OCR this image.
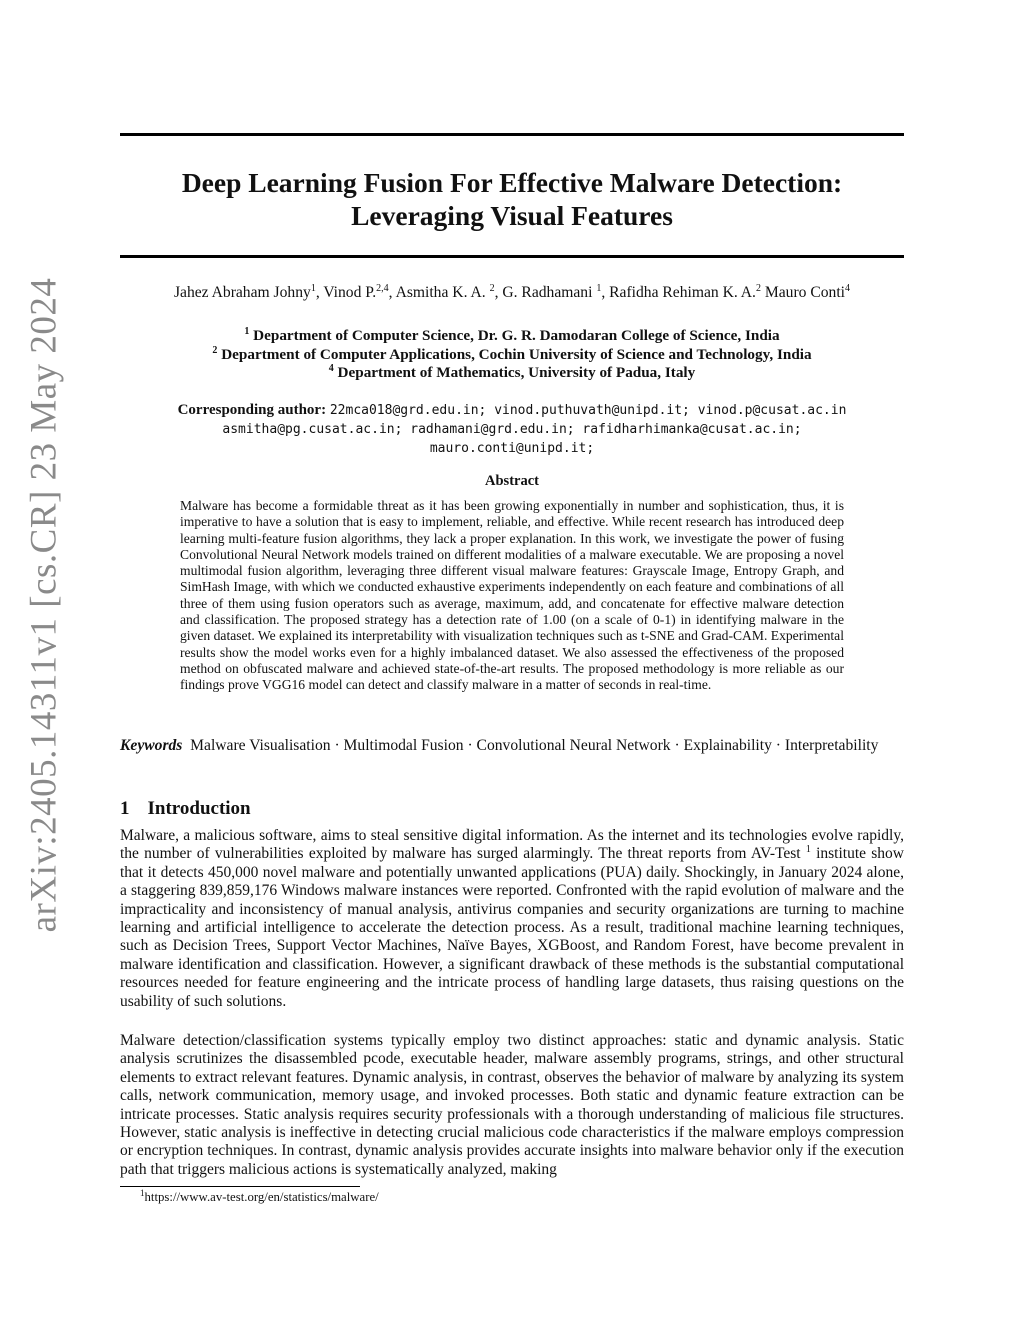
arXiv:2405.14311v1 [cs.CR] 23 May 2024
Deep Learning Fusion For Effective Malware Detection:
Leveraging Visual Features
Jahez Abraham Johny$^1$, Vinod P.$^{2,4}$, Asmitha K. A. $^2$, G. Radhamani $^1$, Rafidha Rehiman K. A.$^2$ Mauro Conti$^4$
$^1$ Department of Computer Science, Dr. G. R. Damodaran College of Science, India
$^2$ Department of Computer Applications, Cochin University of Science and Technology, India
$^4$ Department of Mathematics, University of Padua, Italy
Corresponding author: 22mca018@grd.edu.in; vinod.puthuvath@unipd.it; vinod.p@cusat.ac.in
asmitha@pg.cusat.ac.in; radhamani@grd.edu.in; rafidharhimanka@cusat.ac.in;
mauro.conti@unipd.it;
Abstract
Malware has become a formidable threat as it has been growing exponentially in number and sophistication, thus, it is imperative to have a solution that is easy to implement, reliable, and effective. While recent research has introduced deep learning multi-feature fusion algorithms, they lack a proper explanation. In this work, we investigate the power of fusing Convolutional Neural Network models trained on different modalities of a malware executable. We are proposing a novel multimodal fusion algorithm, leveraging three different visual malware features: Grayscale Image, Entropy Graph, and SimHash Image, with which we conducted exhaustive experiments independently on each feature and combinations of all three of them using fusion operators such as average, maximum, add, and concatenate for effective malware detection and classification. The proposed strategy has a detection rate of 1.00 (on a scale of 0-1) in identifying malware in the given dataset. We explained its interpretability with visualization techniques such as t-SNE and Grad-CAM. Experimental results show the model works even for a highly imbalanced dataset. We also assessed the effectiveness of the proposed method on obfuscated malware and achieved state-of-the-art results. The proposed methodology is more reliable as our findings prove VGG16 model can detect and classify malware in a matter of seconds in real-time.
Keywords Malware Visualisation · Multimodal Fusion · Convolutional Neural Network · Explainability · Interpretability
1 Introduction

Malware, a malicious software, aims to steal sensitive digital information. As the internet and its technologies evolve rapidly, the number of vulnerabilities exploited by malware has surged alarmingly. The threat reports from AV-Test $^1$ institute show that it detects 450,000 novel malware and potentially unwanted applications (PUA) daily. Shockingly, in January 2024 alone, a staggering 839,859,176 Windows malware instances were reported. Confronted with the rapid evolution of malware and the impracticality and inconsistency of manual analysis, antivirus companies and security organizations are turning to machine learning and artificial intelligence to accelerate the detection process. As a result, traditional machine learning techniques, such as Decision Trees, Support Vector Machines, Naïve Bayes, XGBoost, and Random Forest, have become prevalent in malware identification and classification. However, a significant drawback of these methods is the substantial computational resources needed for feature engineering and the intricate process of handling large datasets, thus raising questions on the usability of such solutions.

Malware detection/classification systems typically employ two distinct approaches: static and dynamic analysis. Static analysis scrutinizes the disassembled pcode, executable header, malware assembly programs, strings, and other structural elements to extract relevant features. Dynamic analysis, in contrast, observes the behavior of malware by analyzing its system calls, network communication, memory usage, and invoked processes. Both static and dynamic feature extraction can be intricate processes. Static analysis requires security professionals with a thorough understanding of malicious file structures. However, static analysis is ineffective in detecting crucial malicious code characteristics if the malware employs compression or encryption techniques. In contrast, dynamic analysis provides accurate insights into malware behavior only if the execution path that triggers malicious actions is systematically analyzed, making

$^1$https://www.av-test.org/en/statistics/malware/
